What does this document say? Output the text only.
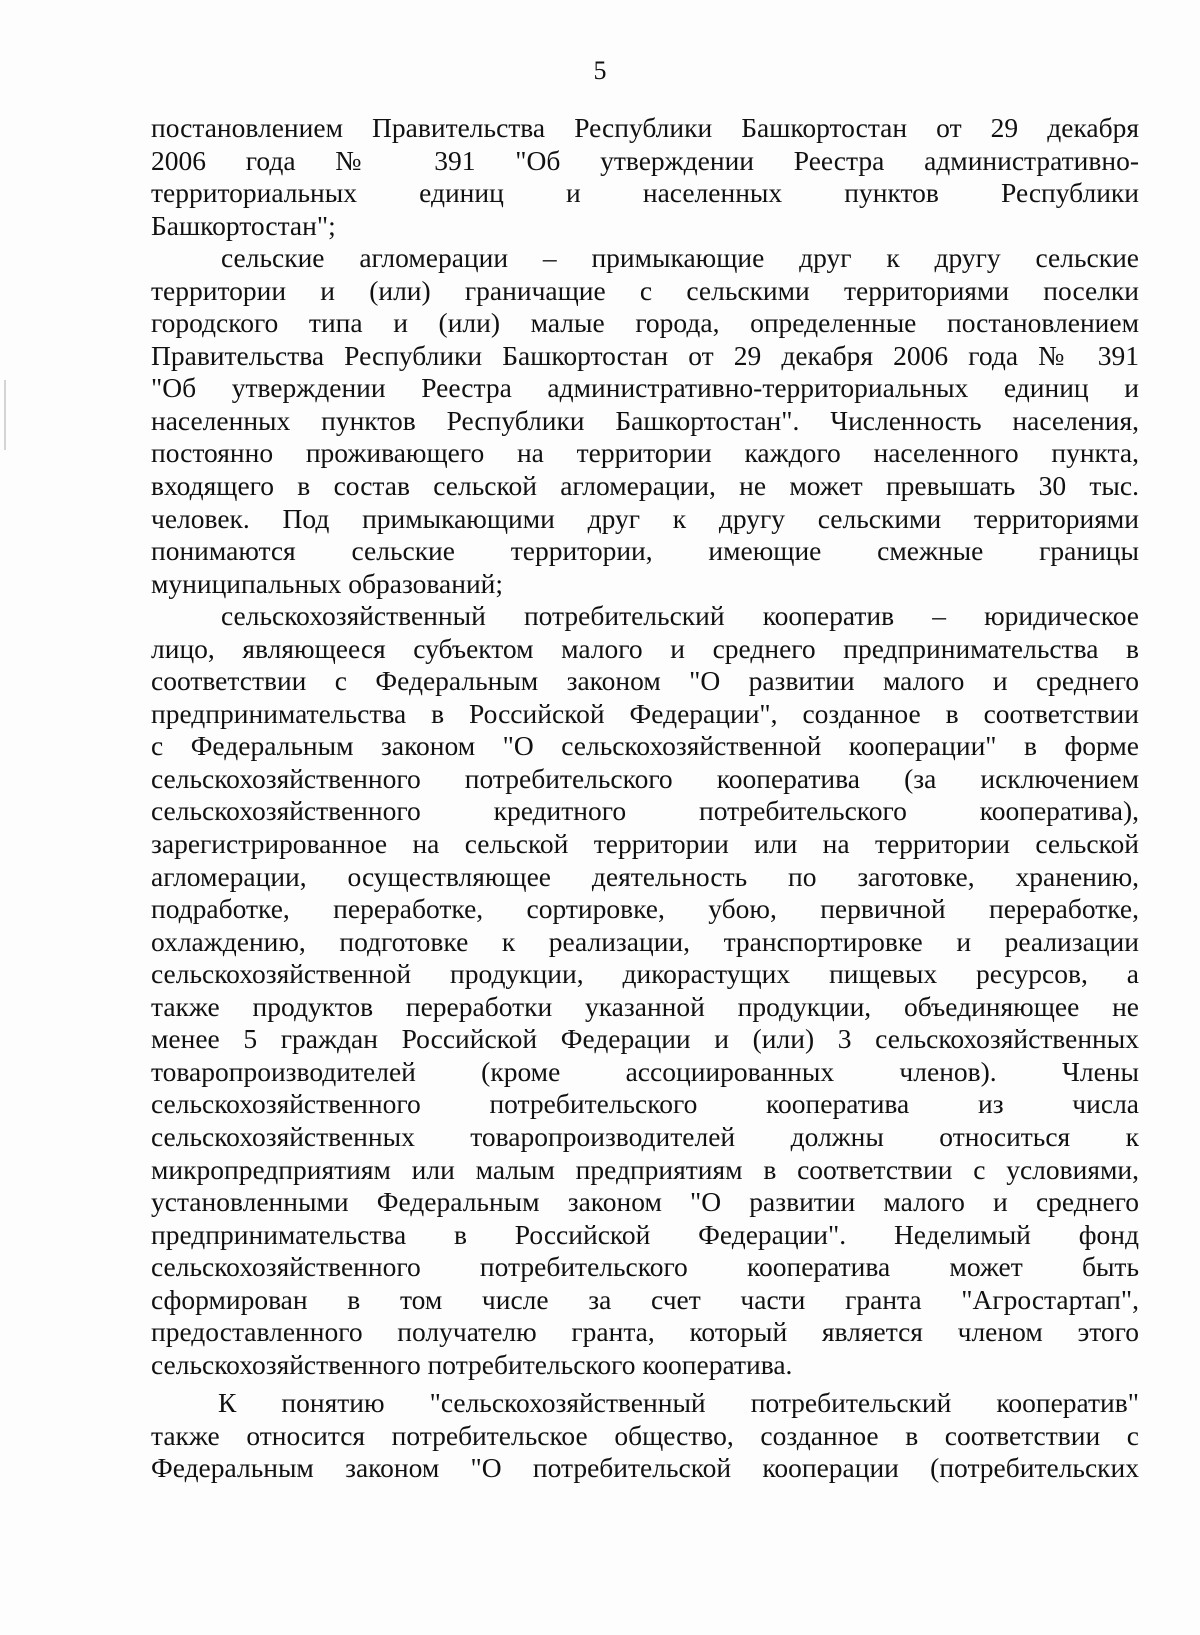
5

постановлением Правительства Республики Башкортостан от 29 декабря
2006 года № 391 "Об утверждении Реестра административно-
территориальных единиц и населенных пунктов Республики
Башкортостан";
сельские агломерации – примыкающие друг к другу сельские
территории и (или) граничащие с сельскими территориями поселки
городского типа и (или) малые города, определенные постановлением
Правительства Республики Башкортостан от 29 декабря 2006 года № 391
"Об утверждении Реестра административно-территориальных единиц и
населенных пунктов Республики Башкортостан". Численность населения,
постоянно проживающего на территории каждого населенного пункта,
входящего в состав сельской агломерации, не может превышать 30 тыс.
человек. Под примыкающими друг к другу сельскими территориями
понимаются сельские территории, имеющие смежные границы
муниципальных образований;
сельскохозяйственный потребительский кооператив – юридическое
лицо, являющееся субъектом малого и среднего предпринимательства в
соответствии с Федеральным законом "О развитии малого и среднего
предпринимательства в Российской Федерации", созданное в соответствии
с Федеральным законом "О сельскохозяйственной кооперации" в форме
сельскохозяйственного потребительского кооператива (за исключением
сельскохозяйственного кредитного потребительского кооператива),
зарегистрированное на сельской территории или на территории сельской
агломерации, осуществляющее деятельность по заготовке, хранению,
подработке, переработке, сортировке, убою, первичной переработке,
охлаждению, подготовке к реализации, транспортировке и реализации
сельскохозяйственной продукции, дикорастущих пищевых ресурсов, а
также продуктов переработки указанной продукции, объединяющее не
менее 5 граждан Российской Федерации и (или) 3 сельскохозяйственных
товаропроизводителей (кроме ассоциированных членов). Члены
сельскохозяйственного потребительского кооператива из числа
сельскохозяйственных товаропроизводителей должны относиться к
микропредприятиям или малым предприятиям в соответствии с условиями,
установленными Федеральным законом "О развитии малого и среднего
предпринимательства в Российской Федерации". Неделимый фонд
сельскохозяйственного потребительского кооператива может быть
сформирован в том числе за счет части гранта "Агростартап",
предоставленного получателю гранта, который является членом этого
сельскохозяйственного потребительского кооператива.
К понятию "сельскохозяйственный потребительский кооператив"
также относится потребительское общество, созданное в соответствии с
Федеральным законом "О потребительской кооперации (потребительских
